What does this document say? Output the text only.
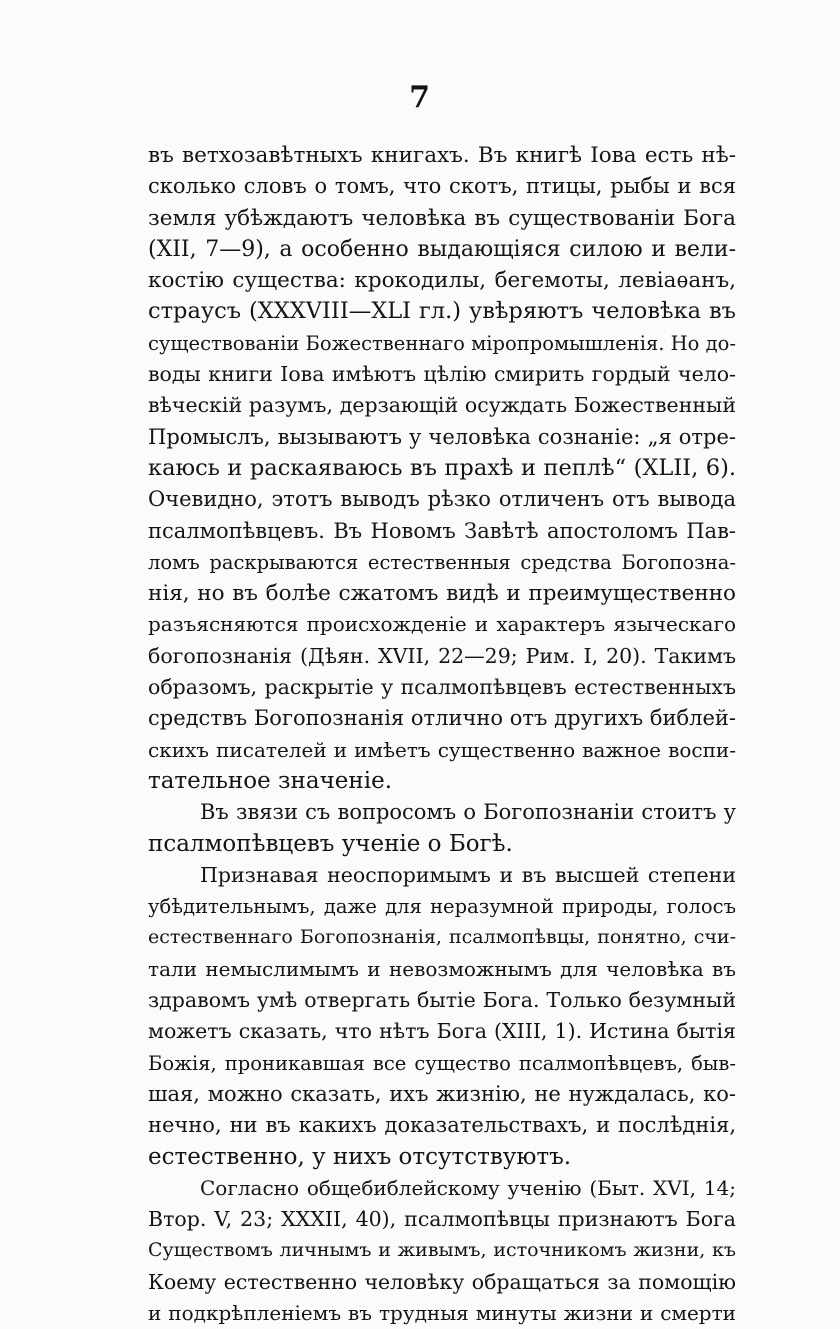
7
въ ветхозавѣтныхъ книгахъ. Въ книгѣ Іова есть нѣ-
сколько словъ о томъ, что скотъ, птицы, рыбы и вся
земля убѣждаютъ человѣка въ существованіи Бога
(XII, 7—9), а особенно выдающіяся силою и вели-
костію существа: крокодилы, бегемоты, левіаѳанъ,
страусъ (XXXVIII—XLI гл.) увѣряютъ человѣка въ
существованіи Божественнаго міропромышленія. Но до-
воды книги Іова имѣютъ цѣлію смирить гордый чело-
вѣческій разумъ, дерзающій осуждать Божественный
Промыслъ, вызываютъ у человѣка сознаніе: „я отре-
каюсь и раскаяваюсь въ прахѣ и пеплѣ“ (XLII, 6).
Очевидно, этотъ выводъ рѣзко отличенъ отъ вывода
псалмопѣвцевъ. Въ Новомъ Завѣтѣ апостоломъ Пав-
ломъ раскрываются естественныя средства Богопозна-
нія, но въ болѣе сжатомъ видѣ и преимущественно
разъясняются происхожденіе и характеръ языческаго
богопознанія (Дѣян. XVII, 22—29; Рим. I, 20). Такимъ
образомъ, раскрытіе у псалмопѣвцевъ естественныхъ
средствъ Богопознанія отлично отъ другихъ библей-
скихъ писателей и имѣетъ существенно важное воспи-
тательное значеніе.
Въ звязи съ вопросомъ о Богопознаніи стоитъ у
псалмопѣвцевъ ученіе о Богѣ.
Признавая неоспоримымъ и въ высшей степени
убѣдительнымъ, даже для неразумной природы, голосъ
естественнаго Богопознанія, псалмопѣвцы, понятно, счи-
тали немыслимымъ и невозможнымъ для человѣка въ
здравомъ умѣ отвергать бытіе Бога. Только безумный
можетъ сказать, что нѣтъ Бога (XIII, 1). Истина бытія
Божія, проникавшая все существо псалмопѣвцевъ, быв-
шая, можно сказать, ихъ жизнію, не нуждалась, ко-
нечно, ни въ какихъ доказательствахъ, и послѣднія,
естественно, у нихъ отсутствуютъ.
Согласно общебиблейскому ученію (Быт. XVI, 14;
Втор. V, 23; XXXII, 40), псалмопѣвцы признаютъ Бога
Существомъ личнымъ и живымъ, источникомъ жизни, къ
Коему естественно человѣку обращаться за помощію
и подкрѣпленіемъ въ трудныя минуты жизни и смерти
